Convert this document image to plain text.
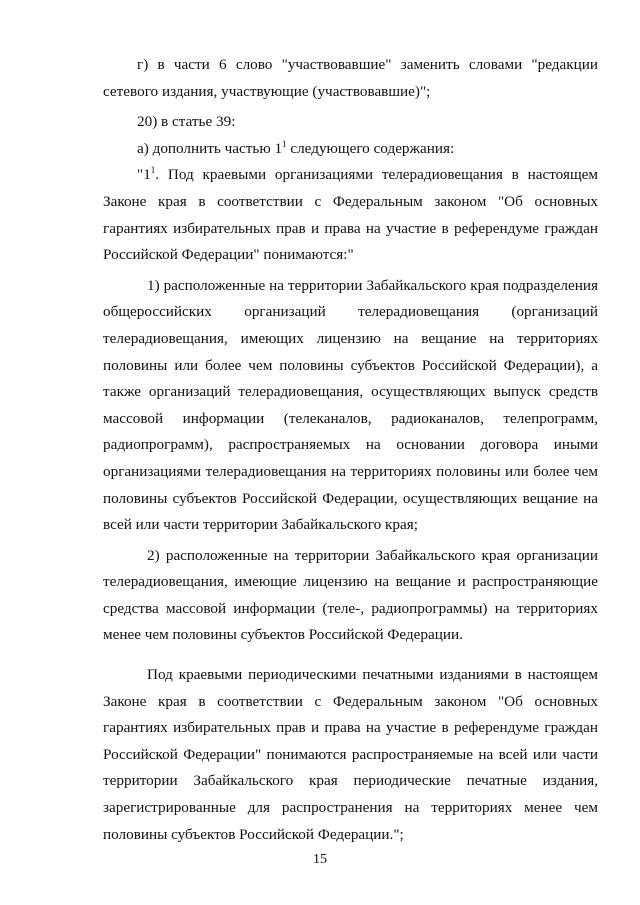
г) в части 6 слово "участвовавшие" заменить словами "редакции сетевого издания, участвующие (участвовавшие)";

20) в статье 39:

а) дополнить частью $1^1$ следующего содержания:

"$1^1$. Под краевыми организациями телерадиовещания в настоящем Законе края в соответствии с Федеральным законом "Об основных гарантиях избирательных прав и права на участие в референдуме граждан Российской Федерации" понимаются:"

1) расположенные на территории Забайкальского края подразделения общероссийских организаций телерадиовещания (организаций телерадиовещания, имеющих лицензию на вещание на территориях половины или более чем половины субъектов Российской Федерации), а также организаций телерадиовещания, осуществляющих выпуск средств массовой информации (телеканалов, радиоканалов, телепрограмм, радиопрограмм), распространяемых на основании договора иными организациями телерадиовещания на территориях половины или более чем половины субъектов Российской Федерации, осуществляющих вещание на всей или части территории Забайкальского края;

2) расположенные на территории Забайкальского края организации телерадиовещания, имеющие лицензию на вещание и распространяющие средства массовой информации (теле-, радиопрограммы) на территориях менее чем половины субъектов Российской Федерации.

Под краевыми периодическими печатными изданиями в настоящем Законе края в соответствии с Федеральным законом "Об основных гарантиях избирательных прав и права на участие в референдуме граждан Российской Федерации" понимаются распространяемые на всей или части территории Забайкальского края периодические печатные издания, зарегистрированные для распространения на территориях менее чем половины субъектов Российской Федерации.";

15
